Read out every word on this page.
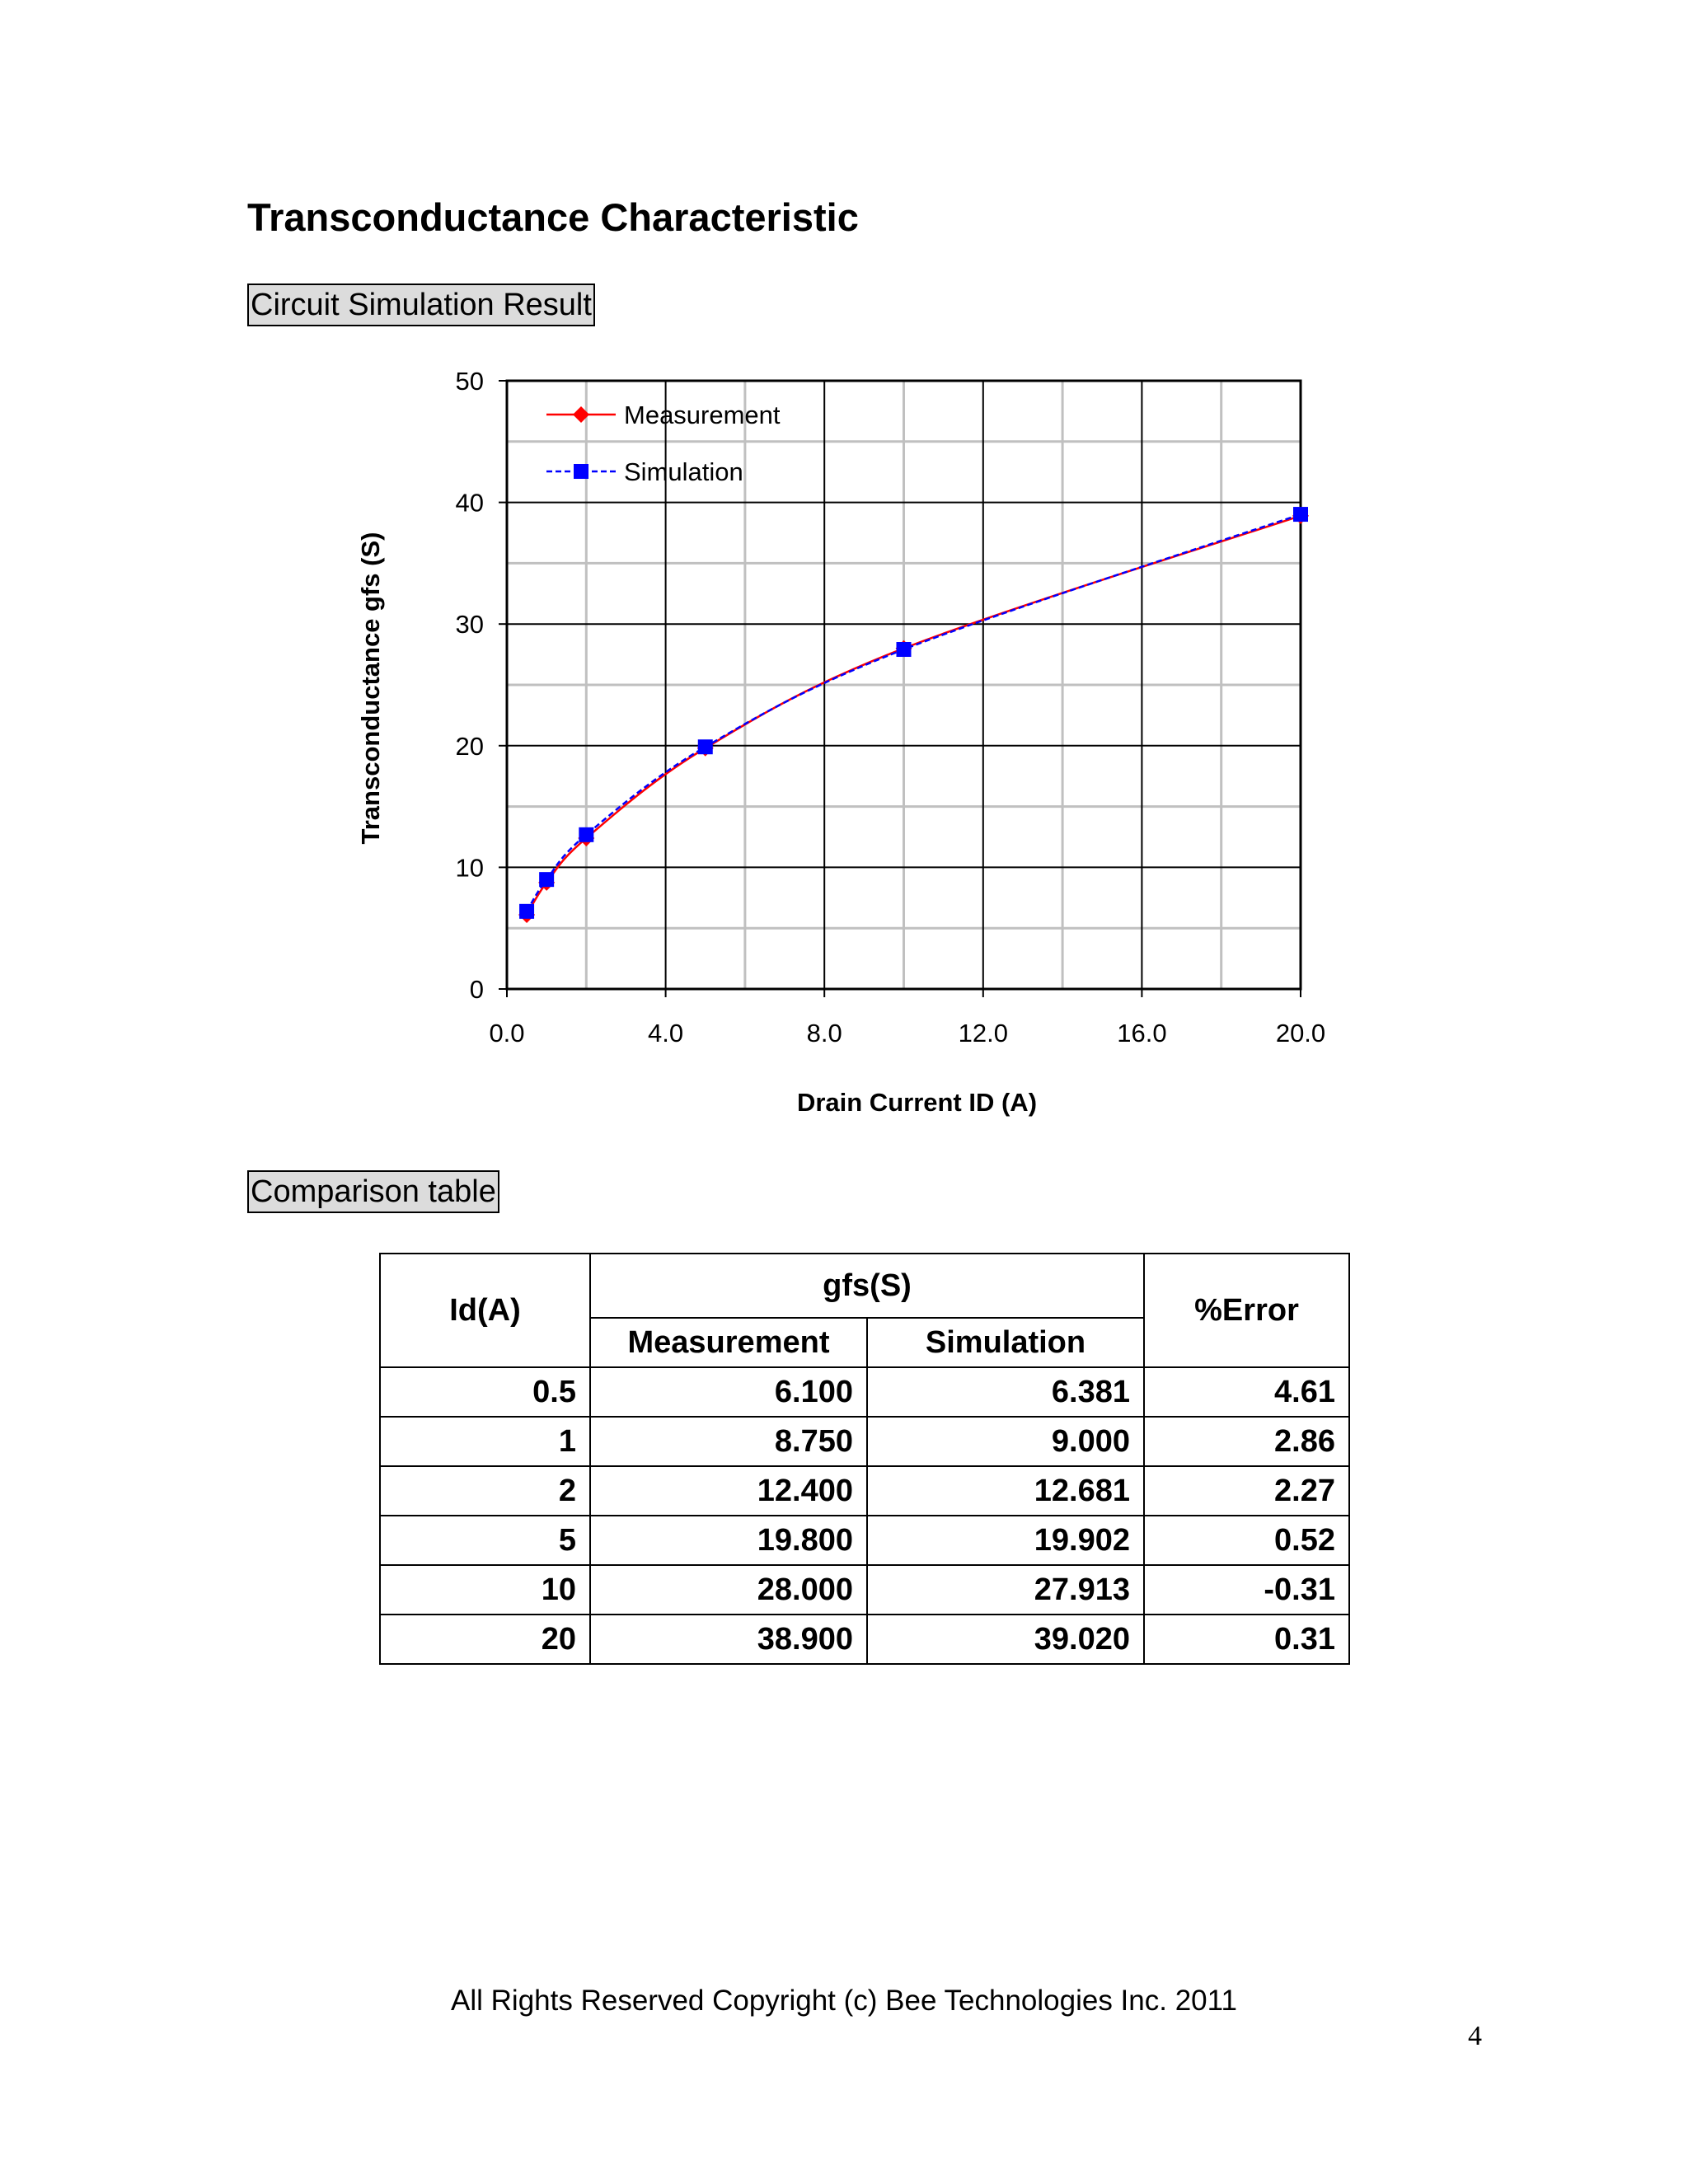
Transconductance Characteristic
Circuit Simulation Result
0.0	4.0	8.0	12.0	16.0	20.0
0
10
20
30
40
50
Drain Current ID (A)
Transconductance gfs (S)
Measurement
Simulation
Comparison table
Id(A)	gfs(S)		%Error
	Measurement	Simulation	
0.5	6.100	6.381	4.61
1	8.750	9.000	2.86
2	12.400	12.681	2.27
5	19.800	19.902	0.52
10	28.000	27.913	-0.31
20	38.900	39.020	0.31
All Rights Reserved Copyright (c) Bee Technologies Inc. 2011
4
